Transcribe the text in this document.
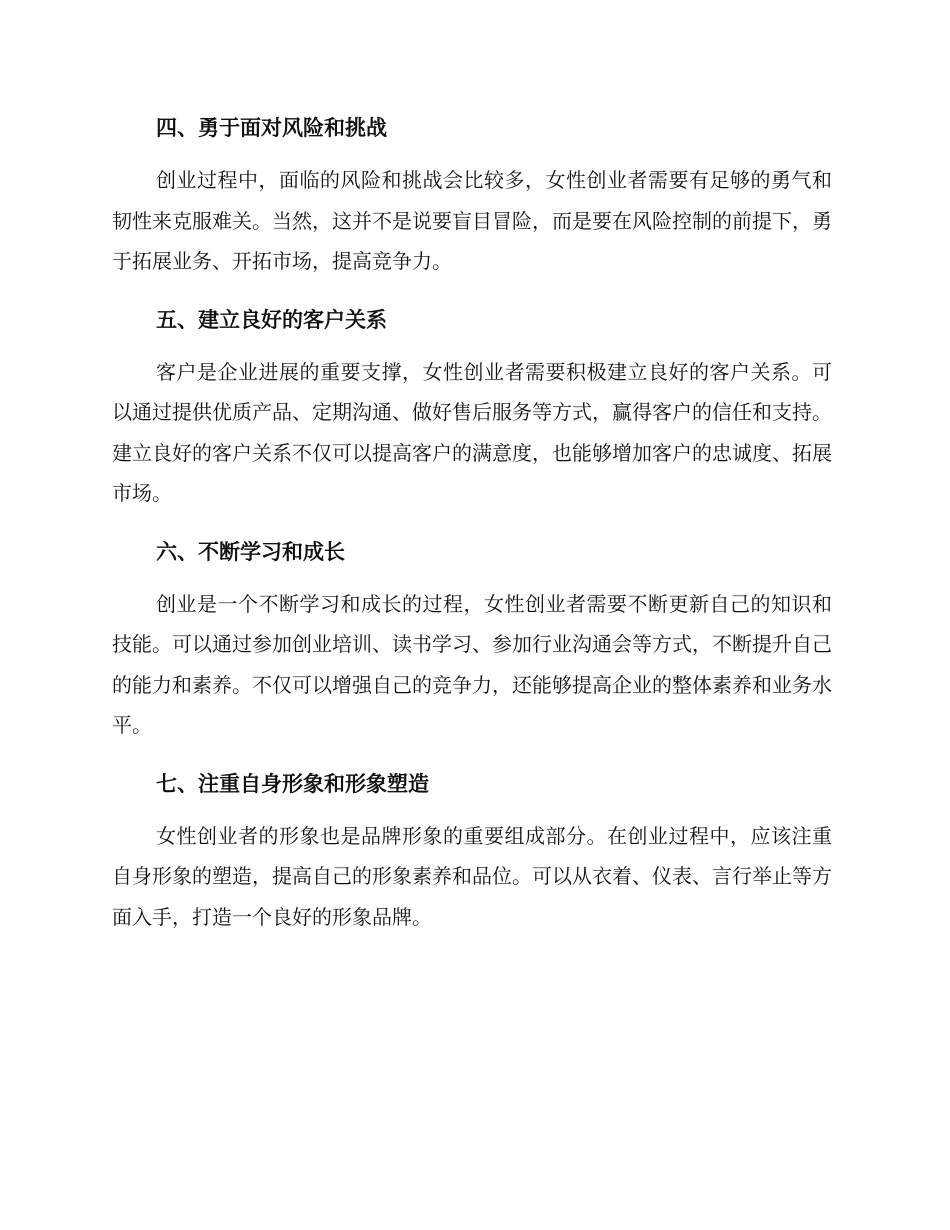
四、勇于面对风险和挑战

创业过程中，面临的风险和挑战会比较多，女性创业者需要有足够的勇气和韧性来克服难关。当然，这并不是说要盲目冒险，而是要在风险控制的前提下，勇于拓展业务、开拓市场，提高竞争力。

五、建立良好的客户关系

客户是企业进展的重要支撑，女性创业者需要积极建立良好的客户关系。可以通过提供优质产品、定期沟通、做好售后服务等方式，赢得客户的信任和支持。建立良好的客户关系不仅可以提高客户的满意度，也能够增加客户的忠诚度、拓展市场。

六、不断学习和成长

创业是一个不断学习和成长的过程，女性创业者需要不断更新自己的知识和技能。可以通过参加创业培训、读书学习、参加行业沟通会等方式，不断提升自己的能力和素养。不仅可以增强自己的竞争力，还能够提高企业的整体素养和业务水平。

七、注重自身形象和形象塑造

女性创业者的形象也是品牌形象的重要组成部分。在创业过程中，应该注重自身形象的塑造，提高自己的形象素养和品位。可以从衣着、仪表、言行举止等方面入手，打造一个良好的形象品牌。
